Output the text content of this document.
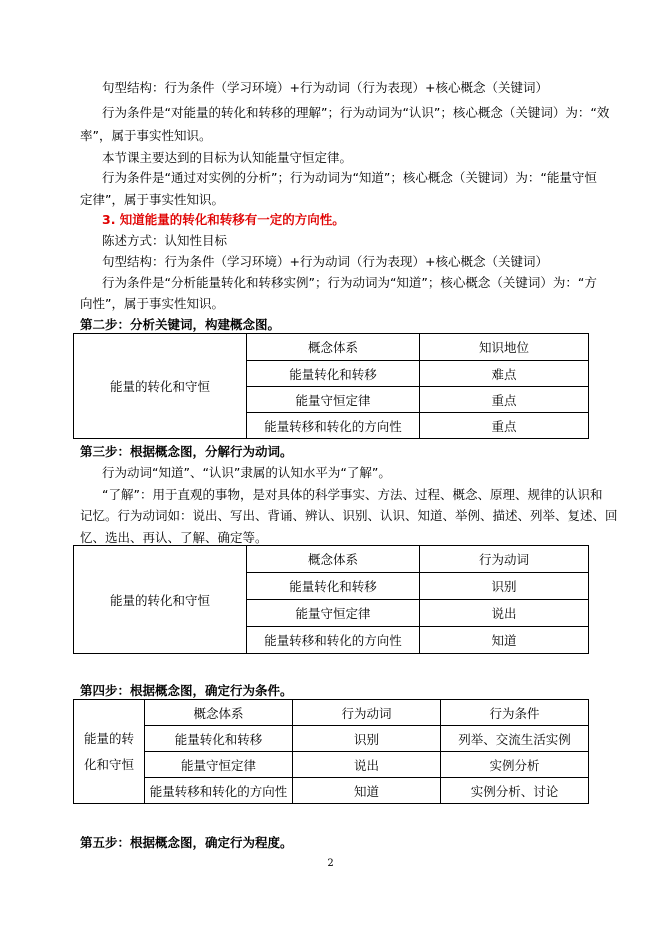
句型结构：行为条件（学习环境）+行为动词（行为表现）+核心概念（关键词）
行为条件是“对能量的转化和转移的理解”；行为动词为“认识”；核心概念（关键词）为：“效
率”，属于事实性知识。
本节课主要达到的目标为认知能量守恒定律。
行为条件是“通过对实例的分析”；行为动词为“知道”；核心概念（关键词）为：“能量守恒
定律”，属于事实性知识。
3. 知道能量的转化和转移有一定的方向性。
陈述方式：认知性目标
句型结构：行为条件（学习环境）+行为动词（行为表现）+核心概念（关键词）
行为条件是“分析能量转化和转移实例”；行为动词为“知道”；核心概念（关键词）为：“方
向性”，属于事实性知识。
第二步：分析关键词，构建概念图。
能量的转化和守恒	概念体系	知识地位
	能量转化和转移	难点
	能量守恒定律	重点
	能量转移和转化的方向性	重点
第三步：根据概念图，分解行为动词。
行为动词“知道”、“认识”隶属的认知水平为“了解”。
“了解”：用于直观的事物，是对具体的科学事实、方法、过程、概念、原理、规律的认识和
记忆。行为动词如：说出、写出、背诵、辨认、识别、认识、知道、举例、描述、列举、复述、回
忆、选出、再认、了解、确定等。
能量的转化和守恒	概念体系	行为动词
	能量转化和转移	识别
	能量守恒定律	说出
	能量转移和转化的方向性	知道
第四步：根据概念图，确定行为条件。
能量的转
化和守恒	概念体系	行为动词	行为条件
	能量转化和转移	识别	列举、交流生活实例
	能量守恒定律	说出	实例分析
	能量转移和转化的方向性	知道	实例分析、讨论
第五步：根据概念图，确定行为程度。
2
